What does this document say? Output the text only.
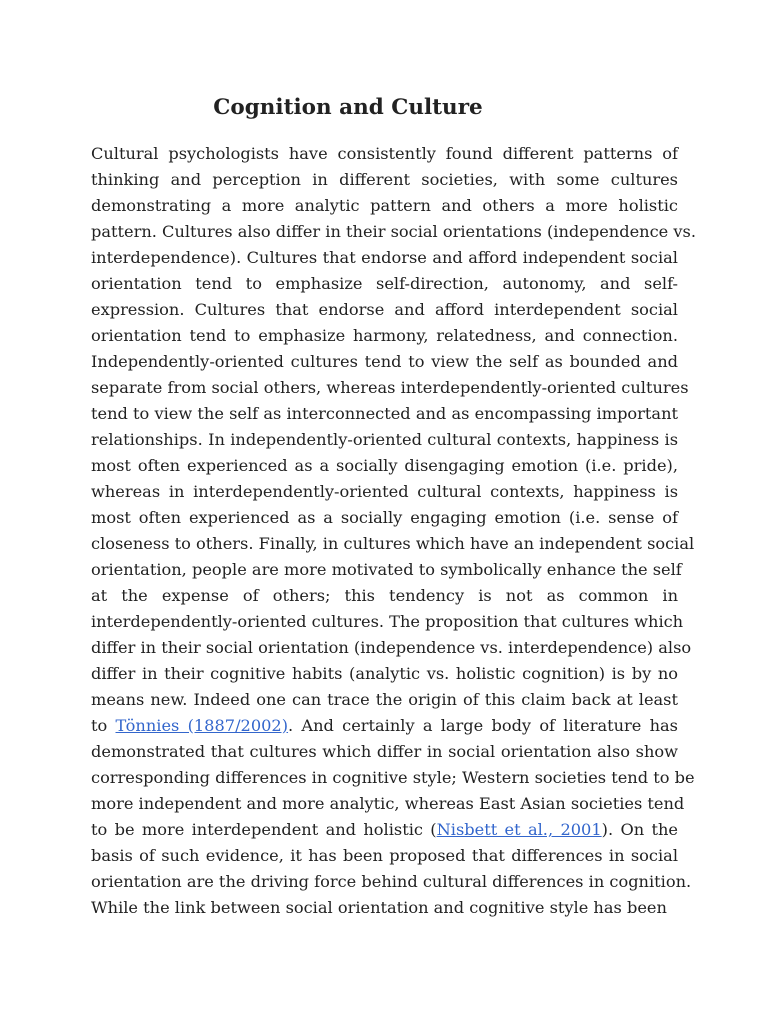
Cognition and Culture
Cultural psychologists have consistently found different patterns of
thinking and perception in different societies, with some cultures
demonstrating a more analytic pattern and others a more holistic
pattern. Cultures also differ in their social orientations (independence vs.
interdependence). Cultures that endorse and afford independent social
orientation tend to emphasize self-direction, autonomy, and self-
expression. Cultures that endorse and afford interdependent social
orientation tend to emphasize harmony, relatedness, and connection.
Independently-oriented cultures tend to view the self as bounded and
separate from social others, whereas interdependently-oriented cultures
tend to view the self as interconnected and as encompassing important
relationships. In independently-oriented cultural contexts, happiness is
most often experienced as a socially disengaging emotion (i.e. pride),
whereas in interdependently-oriented cultural contexts, happiness is
most often experienced as a socially engaging emotion (i.e. sense of
closeness to others. Finally, in cultures which have an independent social
orientation, people are more motivated to symbolically enhance the self
at the expense of others; this tendency is not as common in
interdependently-oriented cultures. The proposition that cultures which
differ in their social orientation (independence vs. interdependence) also
differ in their cognitive habits (analytic vs. holistic cognition) is by no
means new. Indeed one can trace the origin of this claim back at least
to Tönnies (1887/2002). And certainly a large body of literature has
demonstrated that cultures which differ in social orientation also show
corresponding differences in cognitive style; Western societies tend to be
more independent and more analytic, whereas East Asian societies tend
to be more interdependent and holistic (Nisbett et al., 2001). On the
basis of such evidence, it has been proposed that differences in social
orientation are the driving force behind cultural differences in cognition.
While the link between social orientation and cognitive style has been
